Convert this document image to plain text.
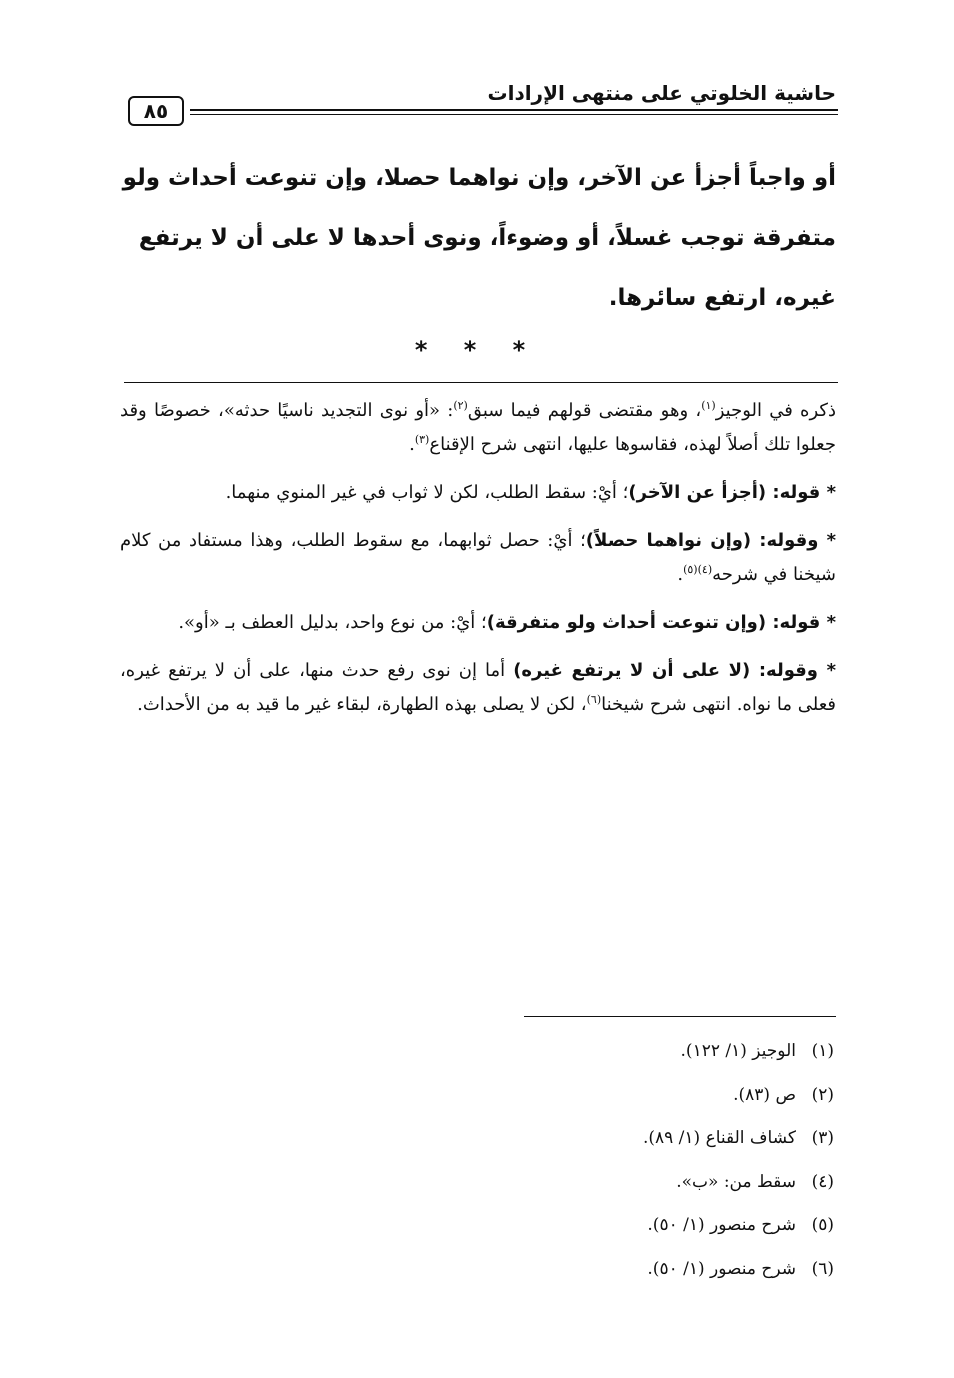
حاشية الخلوتي على منتهى الإرادات
٨٥

أو واجباً أجزأ عن الآخر، وإن نواهما حصلا، وإن تنوعت أحداث ولو

متفرقة توجب غسلاً، أو وضوءاً، ونوى أحدها لا على أن لا يرتفع

غيره، ارتفع سائرها.

* * *

ذكره في الوجيز$^{(١)}$، وهو مقتضى قولهم فيما سبق$^{(٢)}$: «أو نوى التجديد ناسيًا حدثه»، خصوصًا وقد جعلوا تلك أصلاً لهذه، فقاسوها عليها، انتهى شرح الإقناع$^{(٣)}$.

* قوله: (أجزأ عن الآخر)؛ أيْ: سقط الطلب، لكن لا ثواب في غير المنوي منهما.

* وقوله: (وإن نواهما حصلاً)؛ أيْ: حصل ثوابهما، مع سقوط الطلب، وهذا مستفاد من كلام شيخنا في شرحه$^{(٤)(٥)}$.

* قوله: (وإن تنوعت أحداث ولو متفرقة)؛ أيْ: من نوع واحد، بدليل العطف بـ «أو».

* وقوله: (لا على أن لا يرتفع غيره) أما إن نوى رفع حدث منها، على أن لا يرتفع غيره، فعلى ما نواه. انتهى شرح شيخنا$^{(٦)}$، لكن لا يصلى بهذه الطهارة، لبقاء غير ما قيد به من الأحداث.

(١)الوجيز (١/ ١٢٢).
(٢)ص (٨٣).
(٣)كشاف القناع (١/ ٨٩).
(٤)سقط من: «ب».
(٥)شرح منصور (١/ ٥٠).
(٦)شرح منصور (١/ ٥٠).
